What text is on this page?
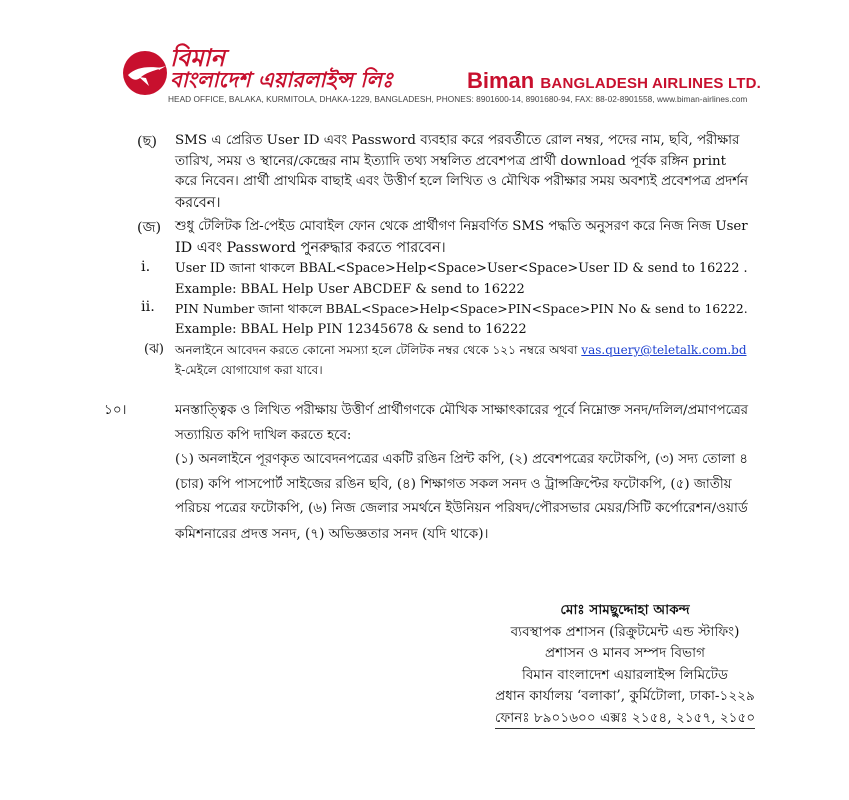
বিমান
বাংলাদেশ এয়ারলাইন্স লিঃ	Biman BANGLADESH AIRLINES LTD.
HEAD OFFICE, BALAKA, KURMITOLA, DHAKA-1229, BANGLADESH, PHONES: 8901600-14, 8901680-94, FAX: 88-02-8901558, www.biman-airlines.com
(ছ) SMS এ প্রেরিত User ID এবং Password ব্যবহার করে পরবর্তীতে রোল নম্বর, পদের নাম, ছবি, পরীক্ষার
তারিখ, সময় ও স্থানের/কেন্দ্রের নাম ইত্যাদি তথ্য সম্বলিত প্রবেশপত্র প্রার্থী download পূর্বক রঙ্গিন print
করে নিবেন। প্রার্থী প্রাথমিক বাছাই এবং উত্তীর্ণ হলে লিখিত ও মৌখিক পরীক্ষার সময় অবশ্যই প্রবেশপত্র প্রদর্শন
করবেন।
(জ) শুধু টেলিটক প্রি-পেইড মোবাইল ফোন থেকে প্রার্থীগণ নিম্নবর্ণিত SMS পদ্ধতি অনুসরণ করে নিজ নিজ User
ID এবং Password পুনরুদ্ধার করতে পারবেন।
i. User ID জানা থাকলে BBAL<Space>Help<Space>User<Space>User ID & send to 16222 .
Example: BBAL Help User ABCDEF & send to 16222
ii. PIN Number জানা থাকলে BBAL<Space>Help<Space>PIN<Space>PIN No & send to 16222.
Example: BBAL Help PIN 12345678 & send to 16222
(ঝ) অনলাইনে আবেদন করতে কোনো সমস্যা হলে টেলিটক নম্বর থেকে ১২১ নম্বরে অথবা vas.query@teletalk.com.bd
ই-মেইলে যোগাযোগ করা যাবে।
১০।	মনস্তাত্ত্বিক ও লিখিত পরীক্ষায় উত্তীর্ণ প্রার্থীগণকে মৌখিক সাক্ষাৎকারের পূর্বে নিম্নোক্ত সনদ/দলিল/প্রমাণপত্রের
সত্যায়িত কপি দাখিল করতে হবে:
(১) অনলাইনে পূরণকৃত আবেদনপত্রের একটি রঙিন প্রিন্ট কপি, (২) প্রবেশপত্রের ফটোকপি, (৩) সদ্য তোলা ৪
(চার) কপি পাসপোর্ট সাইজের রঙিন ছবি, (৪) শিক্ষাগত সকল সনদ ও ট্রান্সক্রিপ্টের ফটোকপি, (৫) জাতীয়
পরিচয় পত্রের ফটোকপি, (৬) নিজ জেলার সমর্থনে ইউনিয়ন পরিষদ/পৌরসভার মেয়র/সিটি কর্পোরেশন/ওয়ার্ড
কমিশনারের প্রদত্ত সনদ, (৭) অভিজ্ঞতার সনদ (যদি থাকে)।
মোঃ সামছুদ্দোহা আকন্দ
ব্যবস্থাপক প্রশাসন (রিক্রুটমেন্ট এন্ড স্টাফিং)
প্রশাসন ও মানব সম্পদ বিভাগ
বিমান বাংলাদেশ এয়ারলাইন্স লিমিটেড
প্রধান কার্যালয় ‘বলাকা’, কুর্মিটোলা, ঢাকা-১২২৯
ফোনঃ ৮৯০১৬০০ এক্সঃ ২১৫৪, ২১৫৭, ২১৫০
